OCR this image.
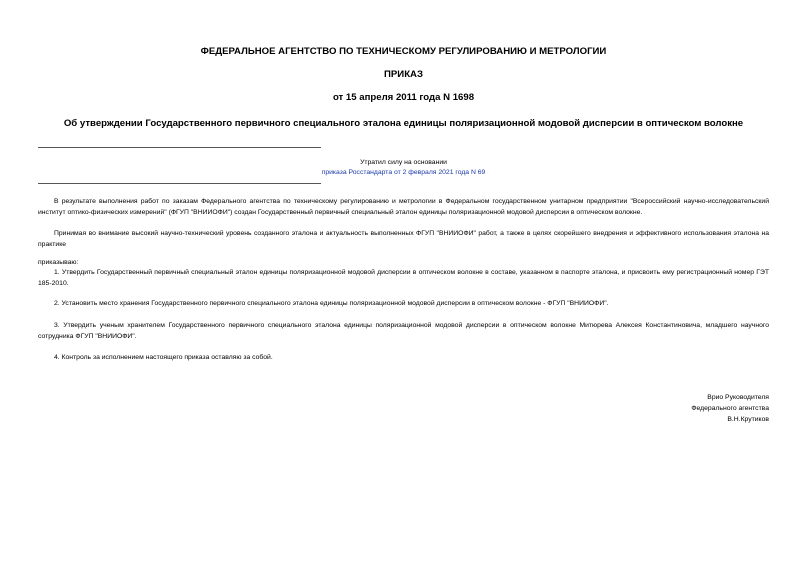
ФЕДЕРАЛЬНОЕ АГЕНТСТВО ПО ТЕХНИЧЕСКОМУ РЕГУЛИРОВАНИЮ И МЕТРОЛОГИИ
ПРИКАЗ
от 15 апреля 2011 года N 1698
Об утверждении Государственного первичного специального эталона единицы поляризационной модовой дисперсии в оптическом волокне
Утратил силу на основании
приказа Росстандарта от 2 февраля 2021 года N 69
В результате выполнения работ по заказам Федерального агентства по техническому регулированию и метрологии в Федеральном государственном унитарном предприятии "Всероссийский научно-исследовательский институт оптико-физических измерений" (ФГУП "ВНИИОФИ") создан Государственный первичный специальный эталон единицы поляризационной модовой дисперсии в оптическом волокне.
Принимая во внимание высокий научно-технический уровень созданного эталона и актуальность выполненных ФГУП "ВНИИОФИ" работ, а также в целях скорейшего внедрения и эффективного использования эталона на практике
приказываю:
1. Утвердить Государственный первичный специальный эталон единицы поляризационной модовой дисперсии в оптическом волокне в составе, указанном в паспорте эталона, и присвоить ему регистрационный номер ГЭТ 185-2010.
2. Установить место хранения Государственного первичного специального эталона единицы поляризационной модовой дисперсии в оптическом волокне - ФГУП "ВНИИОФИ".
3. Утвердить ученым хранителем Государственного первичного специального эталона единицы поляризационной модовой дисперсии в оптическом волокне Митюрева Алексея Константиновича, младшего научного сотрудника ФГУП "ВНИИОФИ".
4. Контроль за исполнением настоящего приказа оставляю за собой.
Врио Руководителя
Федерального агентства
В.Н.Крутиков
